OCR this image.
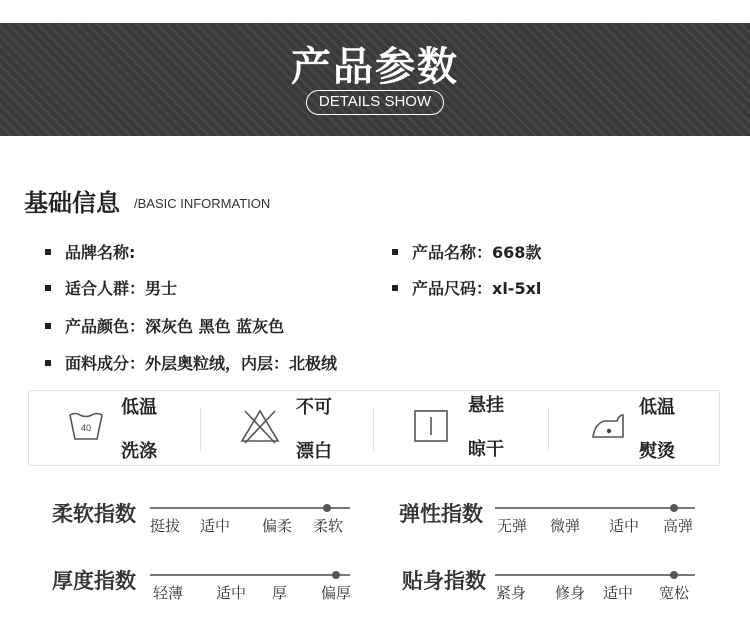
产品参数
DETAILS SHOW
基础信息 /BASIC INFORMATION
品牌名称:	产品名称：668款
适合人群：男士	产品尺码：xl-5xl
产品颜色：深灰色 黑色 蓝灰色
面料成分：外层奥粒绒，内层：北极绒
40
低温
洗涤
不可
漂白
悬挂
晾干
低温
熨烫
柔软指数 挺拔 适中 偏柔 柔软	弹性指数 无弹 微弹 适中 高弹
厚度指数 轻薄 适中 厚 偏厚 贴身指数 紧身 修身 适中 宽松
